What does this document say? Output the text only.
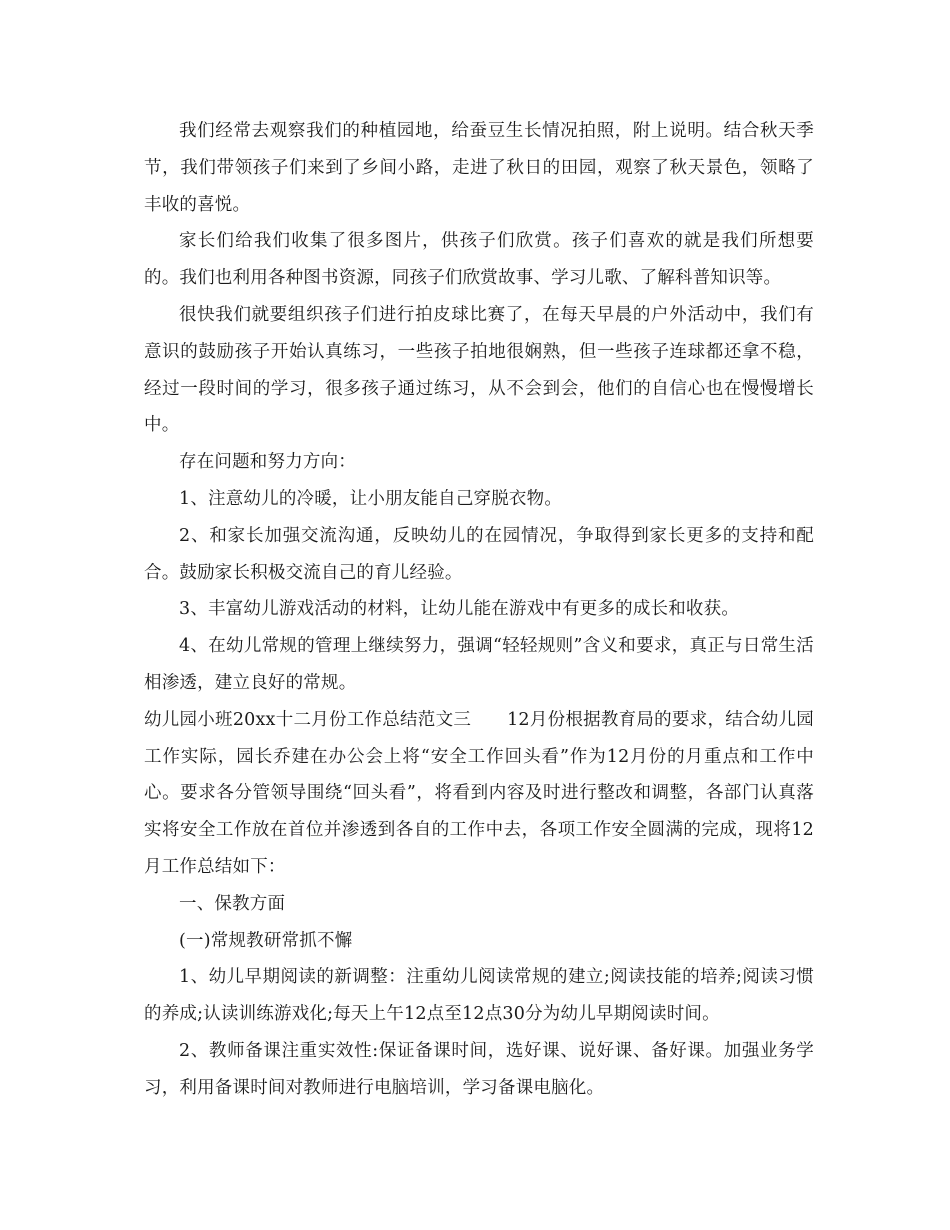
我们经常去观察我们的种植园地，给蚕豆生长情况拍照，附上说明。结合秋天季节，我们带领孩子们来到了乡间小路，走进了秋日的田园，观察了秋天景色，领略了丰收的喜悦。

家长们给我们收集了很多图片，供孩子们欣赏。孩子们喜欢的就是我们所想要的。我们也利用各种图书资源，同孩子们欣赏故事、学习儿歌、了解科普知识等。

很快我们就要组织孩子们进行拍皮球比赛了，在每天早晨的户外活动中，我们有意识的鼓励孩子开始认真练习，一些孩子拍地很娴熟，但一些孩子连球都还拿不稳，经过一段时间的学习，很多孩子通过练习，从不会到会，他们的自信心也在慢慢增长中。

存在问题和努力方向：

1、注意幼儿的冷暖，让小朋友能自己穿脱衣物。

2、和家长加强交流沟通，反映幼儿的在园情况，争取得到家长更多的支持和配合。鼓励家长积极交流自己的育儿经验。

3、丰富幼儿游戏活动的材料，让幼儿能在游戏中有更多的成长和收获。

4、在幼儿常规的管理上继续努力，强调“轻轻规则”含义和要求，真正与日常生活相渗透，建立良好的常规。

幼儿园小班20xx十二月份工作总结范文三 12月份根据教育局的要求，结合幼儿园工作实际，园长乔建在办公会上将“安全工作回头看”作为12月份的月重点和工作中心。要求各分管领导围绕“回头看”，将看到内容及时进行整改和调整，各部门认真落实将安全工作放在首位并渗透到各自的工作中去，各项工作安全圆满的完成，现将12月工作总结如下：

一、保教方面

(一)常规教研常抓不懈

1、幼儿早期阅读的新调整：注重幼儿阅读常规的建立;阅读技能的培养;阅读习惯的养成;认读训练游戏化;每天上午12点至12点30分为幼儿早期阅读时间。

2、教师备课注重实效性:保证备课时间，选好课、说好课、备好课。加强业务学习，利用备课时间对教师进行电脑培训，学习备课电脑化。
